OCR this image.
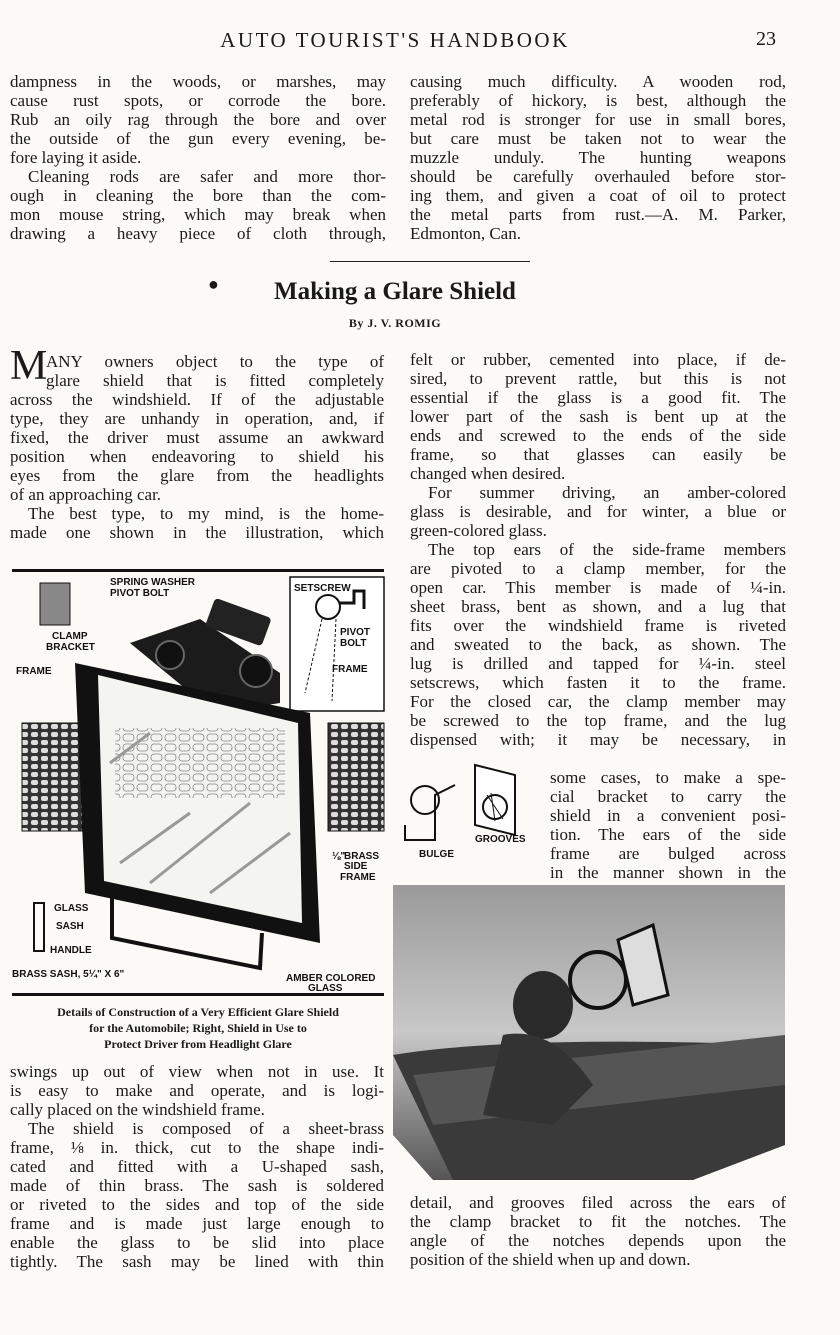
AUTO TOURIST'S HANDBOOK	23
dampness in the woods, or marshes, may
cause rust spots, or corrode the bore.
Rub an oily rag through the bore and over
the outside of the gun every evening, be-
fore laying it aside.
Cleaning rods are safer and more thor-
ough in cleaning the bore than the com-
mon mouse string, which may break when
drawing a heavy piece of cloth through,
causing much difficulty. A wooden rod,
preferably of hickory, is best, although the
metal rod is stronger for use in small bores,
but care must be taken not to wear the
muzzle unduly. The hunting weapons
should be carefully overhauled before stor-
ing them, and given a coat of oil to protect
the metal parts from rust.—A. M. Parker,
Edmonton, Can.
●	Making a Glare Shield
By J. V. ROMIG
M
ANY owners object to the type of
glare shield that is fitted completely
across the windshield. If of the adjustable
type, they are unhandy in operation, and, if
fixed, the driver must assume an awkward
position when endeavoring to shield his
eyes from the glare from the headlights
of an approaching car.
The best type, to my mind, is the home-
made one shown in the illustration, which
SPRING WASHER
PIVOT BOLT
CLAMP
BRACKET
FRAME
SETSCREW
PIVOT
BOLT
FRAME
⅛"
BRASS
SIDE
FRAME
GLASS
SASH
HANDLE
BRASS SASH, 5¼" X 6"	AMBER COLORED
GLASS
Details of Construction of a Very Efficient Glare Shield
for the Automobile; Right, Shield in Use to
Protect Driver from Headlight Glare
swings up out of view when not in use. It
is easy to make and operate, and is logi-
cally placed on the windshield frame.
The shield is composed of a sheet-brass
frame, ⅛ in. thick, cut to the shape indi-
cated and fitted with a U-shaped sash,
made of thin brass. The sash is soldered
or riveted to the sides and top of the side
frame and is made just large enough to
enable the glass to be slid into place
tightly. The sash may be lined with thin
felt or rubber, cemented into place, if de-
sired, to prevent rattle, but this is not
essential if the glass is a good fit. The
lower part of the sash is bent up at the
ends and screwed to the ends of the side
frame, so that glasses can easily be
changed when desired.
For summer driving, an amber-colored
glass is desirable, and for winter, a blue or
green-colored glass.
The top ears of the side-frame members
are pivoted to a clamp member, for the
open car. This member is made of ¼-in.
sheet brass, bent as shown, and a lug that
fits over the windshield frame is riveted
and sweated to the back, as shown. The
lug is drilled and tapped for ¼-in. steel
setscrews, which fasten it to the frame.
For the closed car, the clamp member may
be screwed to the top frame, and the lug
dispensed with; it may be necessary, in
GROOVES
BULGE
some cases, to make a spe-
cial bracket to carry the
shield in a convenient posi-
tion. The ears of the side
frame are bulged across
in the manner shown in the
detail, and grooves filed across the ears of
the clamp bracket to fit the notches. The
angle of the notches depends upon the
position of the shield when up and down.
